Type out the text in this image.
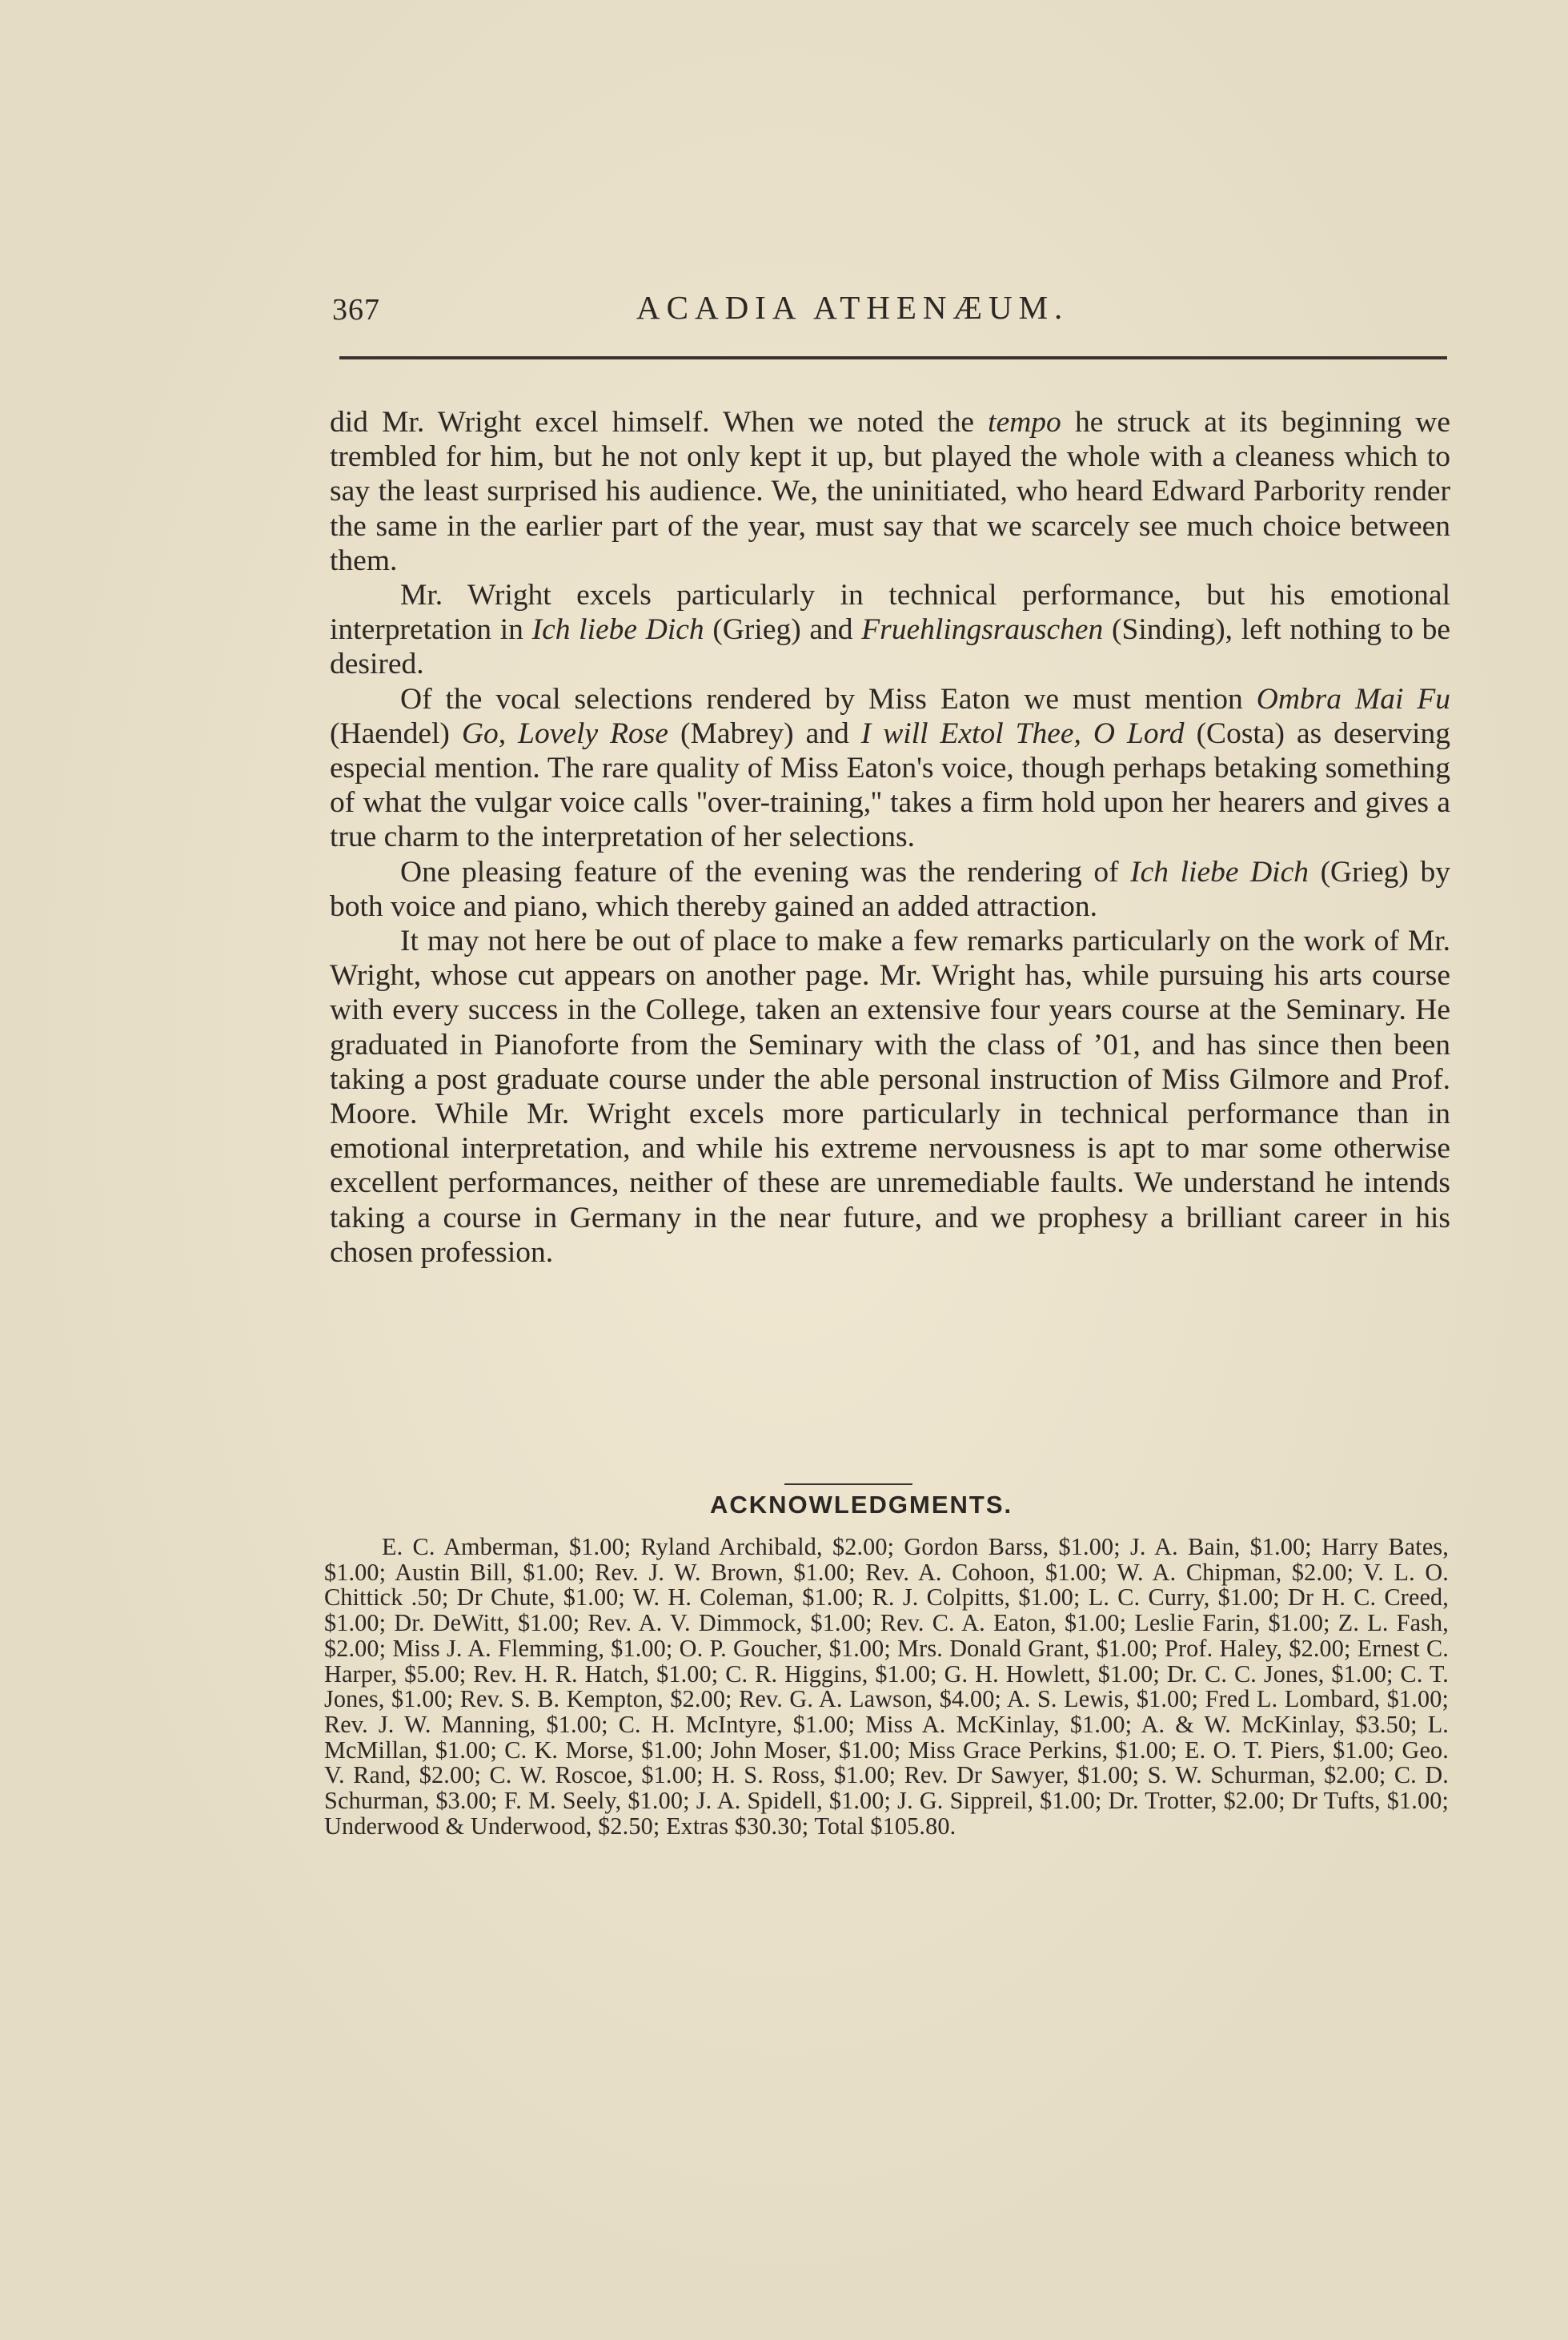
367	ACADIA ATHENÆUM.

did Mr. Wright excel himself. When we noted the tempo he struck at its beginning we trembled for him, but he not only kept it up, but played the whole with a cleaness which to say the least surprised his audience. We, the uninitiated, who heard Edward Parbority render the same in the earlier part of the year, must say that we scarcely see much choice between them.

Mr. Wright excels particularly in technical performance, but his emotional interpretation in Ich liebe Dich (Grieg) and Fruehlingsrauschen (Sinding), left nothing to be desired.

Of the vocal selections rendered by Miss Eaton we must mention Ombra Mai Fu (Haendel) Go, Lovely Rose (Mabrey) and I will Extol Thee, O Lord (Costa) as deserving especial mention. The rare quality of Miss Eaton's voice, though perhaps betaking something of what the vulgar voice calls ''over-training,'' takes a firm hold upon her hearers and gives a true charm to the interpretation of her selections.

One pleasing feature of the evening was the rendering of Ich liebe Dich (Grieg) by both voice and piano, which thereby gained an added attraction.

It may not here be out of place to make a few remarks particularly on the work of Mr. Wright, whose cut appears on another page. Mr. Wright has, while pursuing his arts course with every success in the College, taken an extensive four years course at the Seminary. He graduated in Pianoforte from the Seminary with the class of ’01, and has since then been taking a post graduate course under the able personal instruction of Miss Gilmore and Prof. Moore. While Mr. Wright excels more particularly in technical performance than in emotional interpretation, and while his extreme nervousness is apt to mar some otherwise excellent performances, neither of these are unremediable faults. We understand he intends taking a course in Germany in the near future, and we prophesy a brilliant career in his chosen profession.

ACKNOWLEDGMENTS.
E. C. Amberman, $1.00; Ryland Archibald, $2.00; Gordon Barss, $1.00; J. A. Bain, $1.00; Harry Bates, $1.00; Austin Bill, $1.00; Rev. J. W. Brown, $1.00; Rev. A. Cohoon, $1.00; W. A. Chipman, $2.00; V. L. O. Chittick .50; Dr Chute, $1.00; W. H. Coleman, $1.00; R. J. Colpitts, $1.00; L. C. Curry, $1.00; Dr H. C. Creed, $1.00; Dr. DeWitt, $1.00; Rev. A. V. Dimmock, $1.00; Rev. C. A. Eaton, $1.00; Leslie Farin, $1.00; Z. L. Fash, $2.00; Miss J. A. Flemming, $1.00; O. P. Goucher, $1.00; Mrs. Donald Grant, $1.00; Prof. Haley, $2.00; Ernest C. Harper, $5.00; Rev. H. R. Hatch, $1.00; C. R. Higgins, $1.00; G. H. Howlett, $1.00; Dr. C. C. Jones, $1.00; C. T. Jones, $1.00; Rev. S. B. Kempton, $2.00; Rev. G. A. Lawson, $4.00; A. S. Lewis, $1.00; Fred L. Lombard, $1.00; Rev. J. W. Manning, $1.00; C. H. McIntyre, $1.00; Miss A. McKinlay, $1.00; A. & W. McKinlay, $3.50; L. McMillan, $1.00; C. K. Morse, $1.00; John Moser, $1.00; Miss Grace Perkins, $1.00; E. O. T. Piers, $1.00; Geo. V. Rand, $2.00; C. W. Roscoe, $1.00; H. S. Ross, $1.00; Rev. Dr Sawyer, $1.00; S. W. Schurman, $2.00; C. D. Schurman, $3.00; F. M. Seely, $1.00; J. A. Spidell, $1.00; J. G. Sippreil, $1.00; Dr. Trotter, $2.00; Dr Tufts, $1.00; Underwood & Underwood, $2.50; Extras $30.30; Total $105.80.
